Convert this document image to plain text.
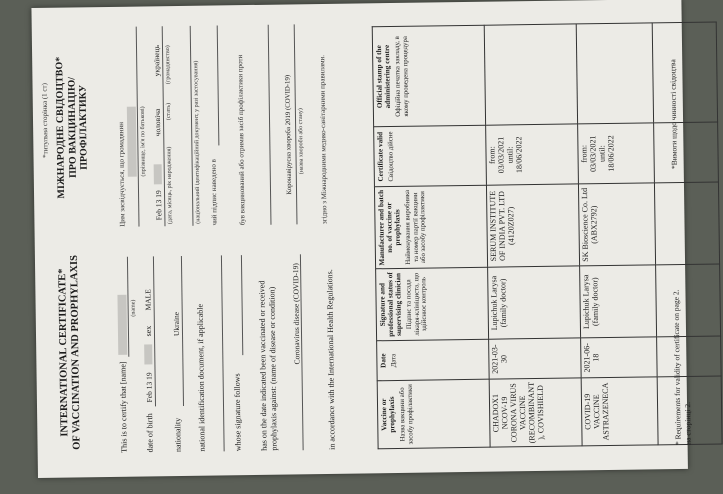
*титульна сторінка (1 ст)
INTERNATIONAL CERTIFICATE*
OF VACCINATION AND PROPHYLAXIS
МІЖНАРОДНЕ СВІДОЦТВО*
ПРО ВАКЦИНАЦІЮ/ ПРОФІЛАКТИКУ
This is to certify that [name]
(name)
date of birth
Feb 13 19
sex
MALE
nationality
Ukraine national identification document, if applicable	whose signature follows has on the date indicated been vaccinated or received prophylaxis against: (name of disease or condition) Coronavirus disease (COVID-19)	in accordance with the International Health Regulations.
Цим засвідчується, що громадянин (прізвище, ім'я по батькові)
Feb 13 19
чоловіча
українець
(дата, місяць, рік народження)
(стать)
(громадянство)	(національний ідентифікаційний документ, у разі застосування) чий підпис наведено в	був вакцинований або отримав засіб профілактики проти	Коронавірусна хвороба 2019 (COVID-19) (назва хвороби або стану) згідно з Міжнародними медико-санітарними правилами.
Vaccine or prophylaxis Назва вакцини або засобу профілактики	Date Дата	Signature and professional status of supervising clinician Підпис та посада лікаря-клініциста, що здійснює контроль	Manufacturer and batch no. of vaccine or prophylaxis Найменування виробника та номер партії вакцини або засобу профілактики	Certificate valid Свідоцтво дійсне	Official stamp of the administering centre Офіційна печатка закладу, в якому проведена процедура

CHADOX1 NCOV-19 CORONA VIRUS VACCINE (RECOMBINANT), COVISHIELD	2021-03-30	Lupichuk Larysa (family doctor)	SERUM INSTITUTE OF INDIA PVT. LTD (4120Z027)	from: 03/03/2021 until: 18/06/2022	
COVID-19 VACCINE ASTRAZENECA	2021-06-18	Lupichuk Larysa (family doctor)	SK Bioscience Co. Ltd (ABX2792)	from: 03/03/2021 until: 18/06/2022	

* Requirements for validity of certificate on page 2.
*Вимоги щодо чинності свідоцтва
на сторінці 2.
